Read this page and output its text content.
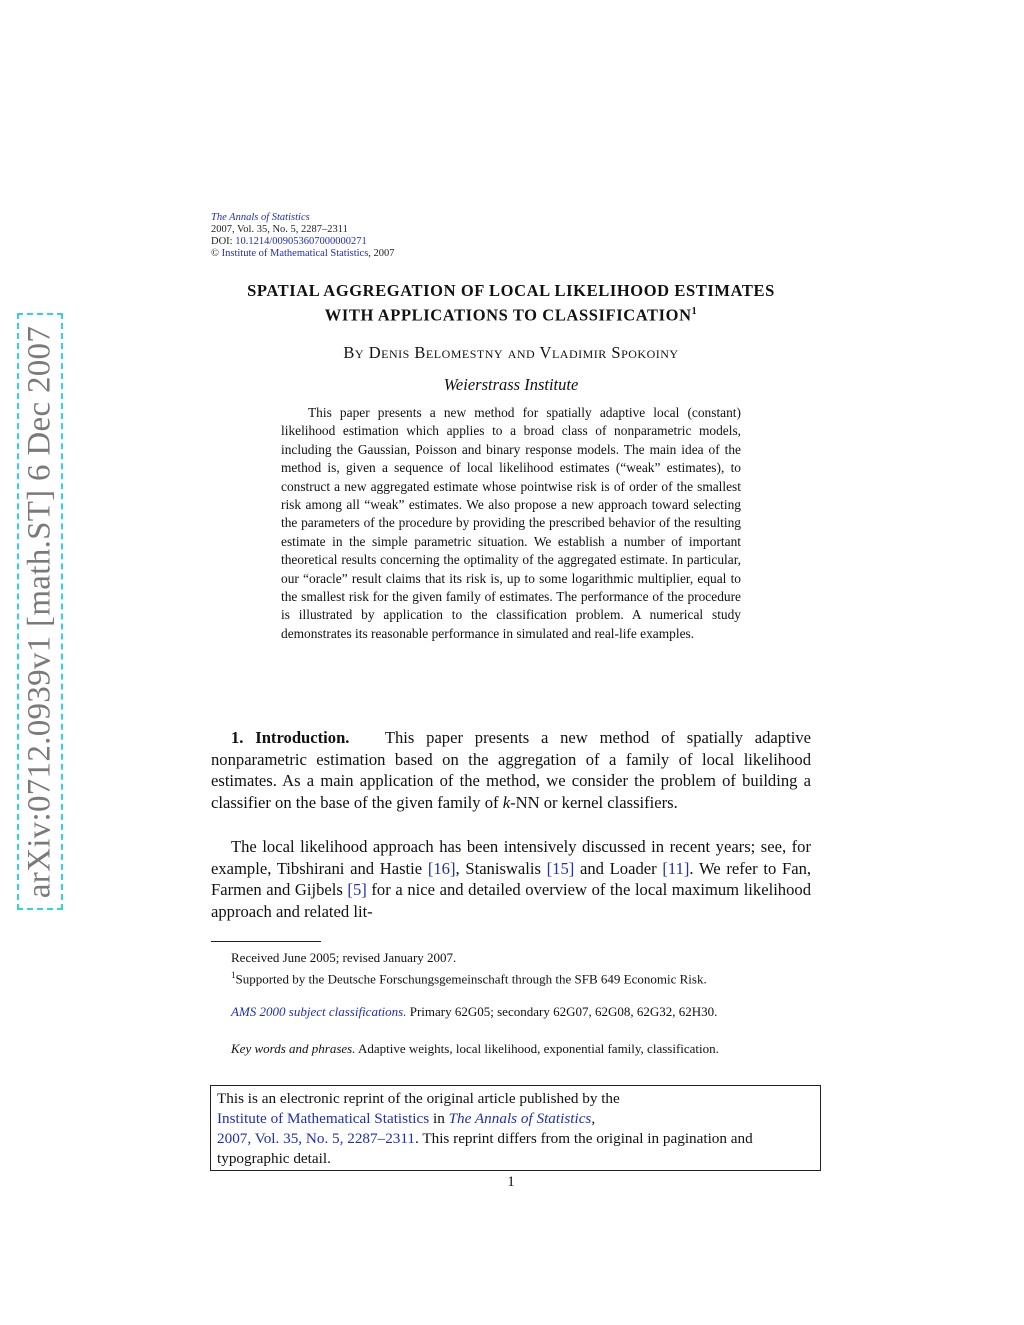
arXiv:0712.0939v1 [math.ST] 6 Dec 2007
The Annals of Statistics
2007, Vol. 35, No. 5, 2287–2311
DOI: 10.1214/009053607000000271
© Institute of Mathematical Statistics, 2007
SPATIAL AGGREGATION OF LOCAL LIKELIHOOD ESTIMATES
WITH APPLICATIONS TO CLASSIFICATION$^1$
By Denis Belomestny and Vladimir Spokoiny
Weierstrass Institute
This paper presents a new method for spatially adaptive local (constant) likelihood estimation which applies to a broad class of nonparametric models, including the Gaussian, Poisson and binary response models. The main idea of the method is, given a sequence of local likelihood estimates (“weak” estimates), to construct a new aggregated estimate whose pointwise risk is of order of the smallest risk among all “weak” estimates. We also propose a new approach toward selecting the parameters of the procedure by providing the prescribed behavior of the resulting estimate in the simple parametric situation. We establish a number of important theoretical results concerning the optimality of the aggregated estimate. In particular, our “oracle” result claims that its risk is, up to some logarithmic multiplier, equal to the smallest risk for the given family of estimates. The performance of the procedure is illustrated by application to the classification problem. A numerical study demonstrates its reasonable performance in simulated and real-life examples.
1. Introduction. This paper presents a new method of spatially adaptive nonparametric estimation based on the aggregation of a family of local likelihood estimates. As a main application of the method, we consider the problem of building a classifier on the base of the given family of k-NN or kernel classifiers.
The local likelihood approach has been intensively discussed in recent years; see, for example, Tibshirani and Hastie [16], Staniswalis [15] and Loader [11]. We refer to Fan, Farmen and Gijbels [5] for a nice and detailed overview of the local maximum likelihood approach and related lit-
Received June 2005; revised January 2007.
$^1$Supported by the Deutsche Forschungsgemeinschaft through the SFB 649 Economic Risk.
AMS 2000 subject classifications. Primary 62G05; secondary 62G07, 62G08, 62G32, 62H30.
Key words and phrases. Adaptive weights, local likelihood, exponential family, classification.
This is an electronic reprint of the original article published by the
Institute of Mathematical Statistics in The Annals of Statistics,
2007, Vol. 35, No. 5, 2287–2311. This reprint differs from the original in pagination and typographic detail.
1
